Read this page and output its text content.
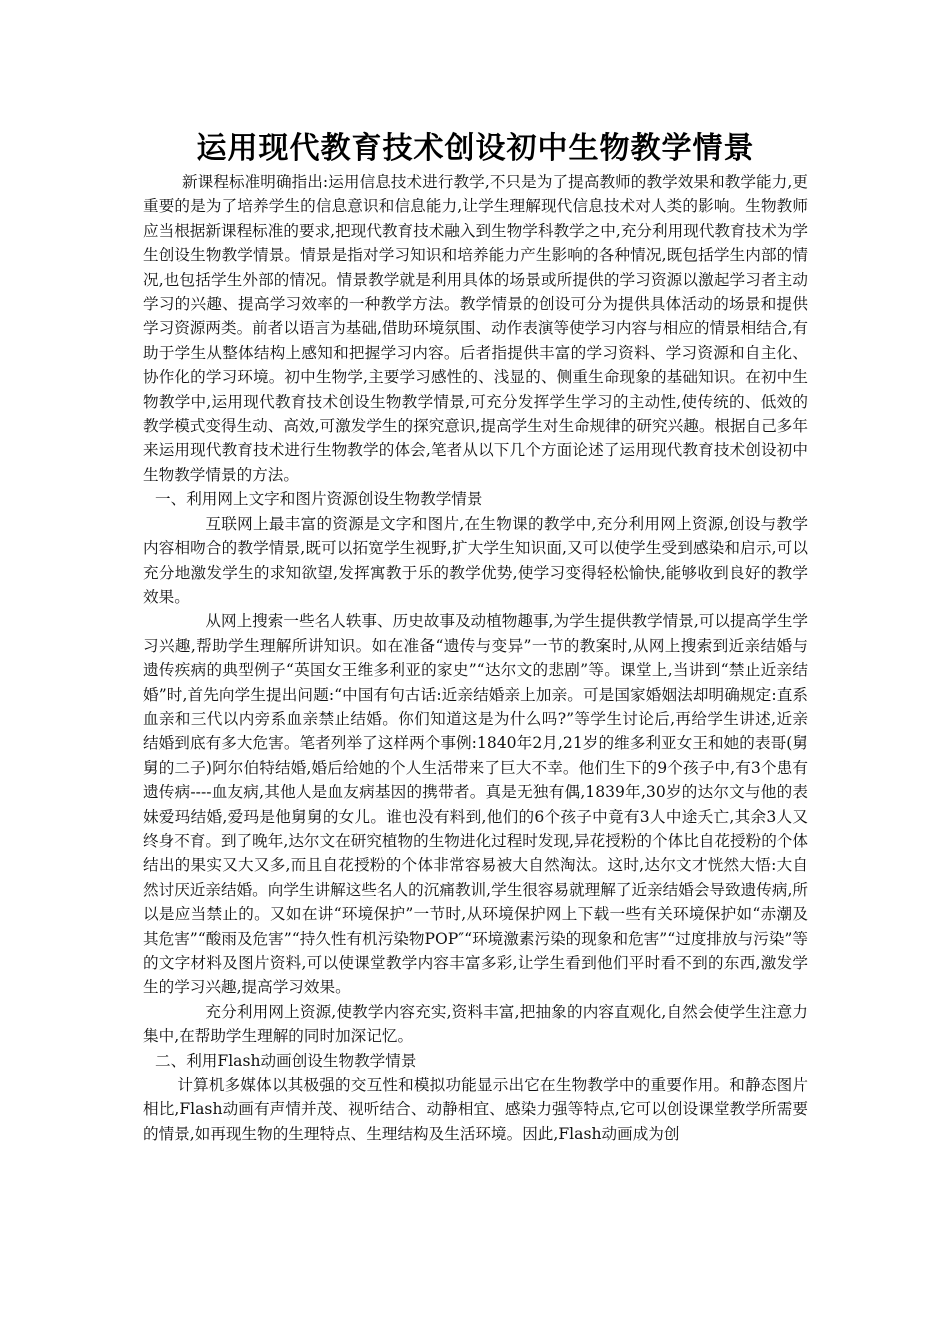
运用现代教育技术创设初中生物教学情景

新课程标准明确指出:运用信息技术进行教学,不只是为了提高教师的教学效果和教学能力,更重要的是为了培养学生的信息意识和信息能力,让学生理解现代信息技术对人类的影响。生物教师应当根据新课程标准的要求,把现代教育技术融入到生物学科教学之中,充分利用现代教育技术为学生创设生物教学情景。情景是指对学习知识和培养能力产生影响的各种情况,既包括学生内部的情况,也包括学生外部的情况。情景教学就是利用具体的场景或所提供的学习资源以激起学习者主动学习的兴趣、提高学习效率的一种教学方法。教学情景的创设可分为提供具体活动的场景和提供学习资源两类。前者以语言为基础,借助环境氛围、动作表演等使学习内容与相应的情景相结合,有助于学生从整体结构上感知和把握学习内容。后者指提供丰富的学习资料、学习资源和自主化、协作化的学习环境。初中生物学,主要学习感性的、浅显的、侧重生命现象的基础知识。在初中生物教学中,运用现代教育技术创设生物教学情景,可充分发挥学生学习的主动性,使传统的、低效的教学模式变得生动、高效,可激发学生的探究意识,提高学生对生命规律的研究兴趣。根据自己多年来运用现代教育技术进行生物教学的体会,笔者从以下几个方面论述了运用现代教育技术创设初中生物教学情景的方法。

一、利用网上文字和图片资源创设生物教学情景

互联网上最丰富的资源是文字和图片,在生物课的教学中,充分利用网上资源,创设与教学内容相吻合的教学情景,既可以拓宽学生视野,扩大学生知识面,又可以使学生受到感染和启示,可以充分地激发学生的求知欲望,发挥寓教于乐的教学优势,使学习变得轻松愉快,能够收到良好的教学效果。

从网上搜索一些名人轶事、历史故事及动植物趣事,为学生提供教学情景,可以提高学生学习兴趣,帮助学生理解所讲知识。如在准备“遗传与变异”一节的教案时,从网上搜索到近亲结婚与遗传疾病的典型例子“英国女王维多利亚的家史”“达尔文的悲剧”等。课堂上,当讲到“禁止近亲结婚”时,首先向学生提出问题:“中国有句古话:近亲结婚亲上加亲。可是国家婚姻法却明确规定:直系血亲和三代以内旁系血亲禁止结婚。你们知道这是为什么吗?”等学生讨论后,再给学生讲述,近亲结婚到底有多大危害。笔者列举了这样两个事例:1840年2月,21岁的维多利亚女王和她的表哥(舅舅的二子)阿尔伯特结婚,婚后给她的个人生活带来了巨大不幸。他们生下的9个孩子中,有3个患有遗传病----血友病,其他人是血友病基因的携带者。真是无独有偶,1839年,30岁的达尔文与他的表妹爱玛结婚,爱玛是他舅舅的女儿。谁也没有料到,他们的6个孩子中竟有3人中途夭亡,其余3人又终身不育。到了晚年,达尔文在研究植物的生物进化过程时发现,异花授粉的个体比自花授粉的个体结出的果实又大又多,而且自花授粉的个体非常容易被大自然淘汰。这时,达尔文才恍然大悟:大自然讨厌近亲结婚。向学生讲解这些名人的沉痛教训,学生很容易就理解了近亲结婚会导致遗传病,所以是应当禁止的。又如在讲“环境保护”一节时,从环境保护网上下载一些有关环境保护如“赤潮及其危害”“酸雨及危害”“持久性有机污染物POP″“环境激素污染的现象和危害”“过度排放与污染”等的文字材料及图片资料,可以使课堂教学内容丰富多彩,让学生看到他们平时看不到的东西,激发学生的学习兴趣,提高学习效果。

充分利用网上资源,使教学内容充实,资料丰富,把抽象的内容直观化,自然会使学生注意力集中,在帮助学生理解的同时加深记忆。

二、利用Flash动画创设生物教学情景

计算机多媒体以其极强的交互性和模拟功能显示出它在生物教学中的重要作用。和静态图片相比,Flash动画有声情并茂、视听结合、动静相宜、感染力强等特点,它可以创设课堂教学所需要的情景,如再现生物的生理特点、生理结构及生活环境。因此,Flash动画成为创
